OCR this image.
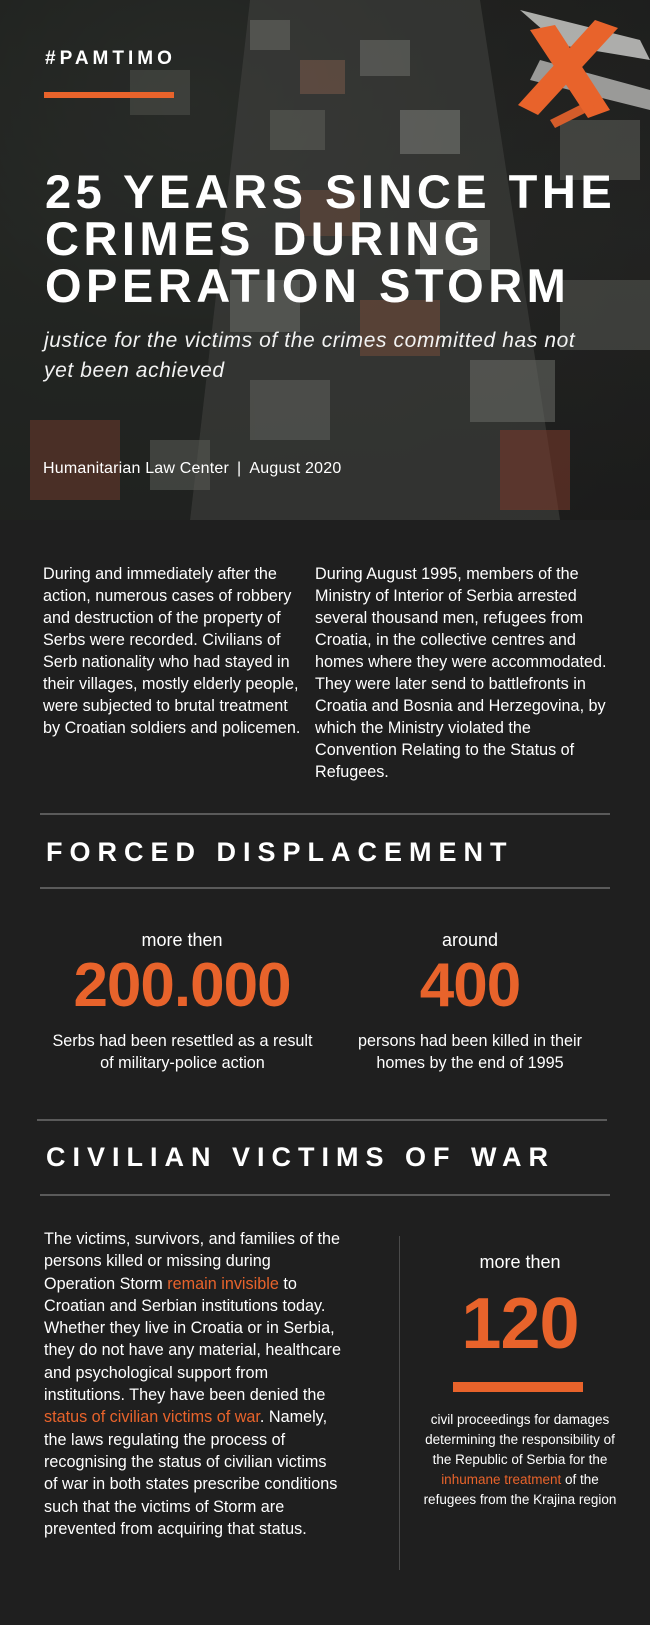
#PAMTIMO
25 YEARS SINCE THE CRIMES DURING OPERATION STORM

justice for the victims of the crimes committed has not yet been achieved

Humanitarian Law Center | August 2020

During and immediately after the action, numerous cases of robbery and destruction of the property of Serbs were recorded. Civilians of Serb nationality who had stayed in their villages, mostly elderly people, were subjected to brutal treatment by Croatian soldiers and policemen.

During August 1995, members of the Ministry of Interior of Serbia arrested several thousand men, refugees from Croatia, in the collective centres and homes where they were accommodated. They were later send to battlefronts in Croatia and Bosnia and Herzegovina, by which the Ministry violated the Convention Relating to the Status of Refugees.

FORCED DISPLACEMENT
more then
200.000
Serbs had been resettled as a result of military-police action
around
400
persons had been killed in their homes by the end of 1995
CIVILIAN VICTIMS OF WAR

The victims, survivors, and families of the persons killed or missing during Operation Storm remain invisible to Croatian and Serbian institutions today. Whether they live in Croatia or in Serbia, they do not have any material, healthcare and psychological support from institutions. They have been denied the status of civilian victims of war. Namely, the laws regulating the process of recognising the status of civilian victims of war in both states prescribe conditions such that the victims of Storm are prevented from acquiring that status.

more then
120

civil proceedings for damages determining the responsibility of the Republic of Serbia for the inhumane treatment of the refugees from the Krajina region
